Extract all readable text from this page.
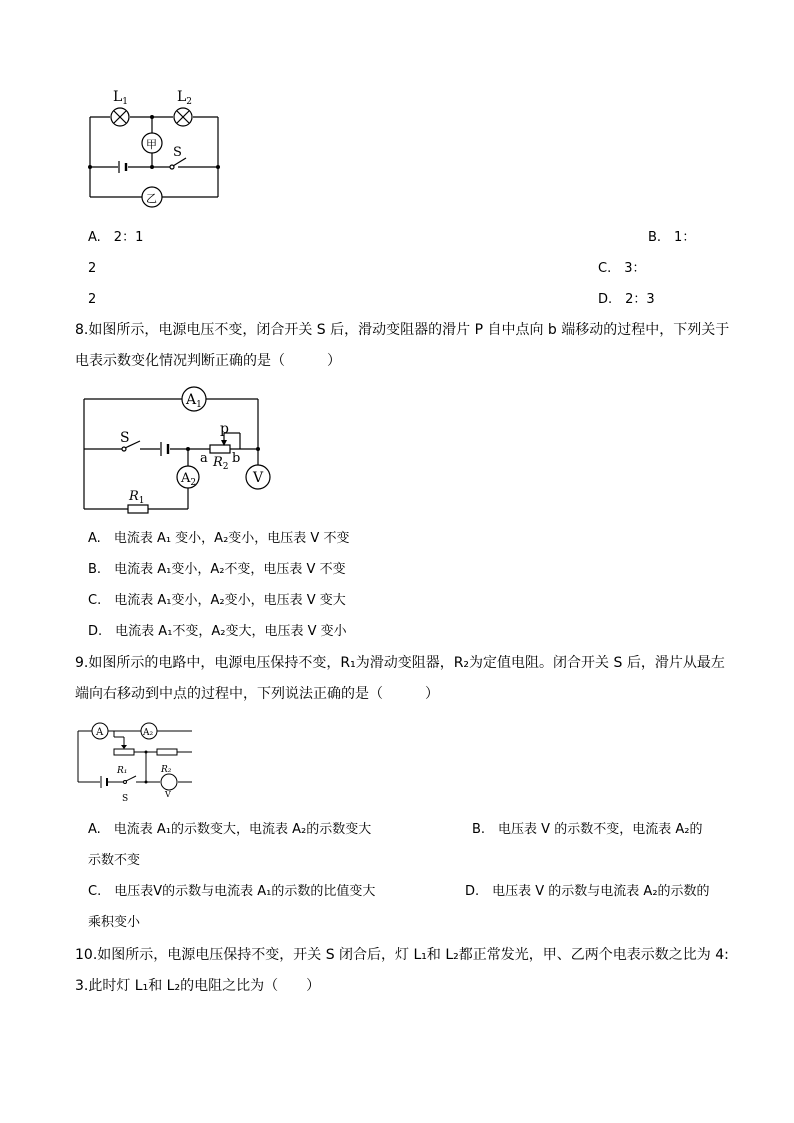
$L_1$	$L_2$
甲
乙
S
A.　2：1	B.　1：
2	C.　3：
2	D.　2：3
8.如图所示，电源电压不变，闭合开关 S 后，滑动变阻器的滑片 P 自中点向 b 端移动的过程中，下列关于
电表示数变化情况判断正确的是（　　　）
$A_1$
S
p
a b
$R_2$
$A_2$	V
$R_1$
A.　 电流表 A₁ 变小，A₂变小，电压表 V 不变
B.　 电流表 A₁变小，A₂不变，电压表 V 不变
C.　 电流表 A₁变小，A₂变小，电压表 V 变大
D.　 电流表 A₁不变，A₂变大，电压表 V 变小
9.如图所示的电路中，电源电压保持不变，R₁为滑动变阻器，R₂为定值电阻。闭合开关 S 后，滑片从最左
端向右移动到中点的过程中，下列说法正确的是（　　　）
A	A₂
R₁	R₂
S	V
A.　电流表 A₁的示数变大，电流表 A₂的示数变大	B.　电压表 V 的示数不变，电流表 A₂的
示数不变
C.　电压表V的示数与电流表 A₁的示数的比值变大	D.　电压表 V 的示数与电流表 A₂的示数的
乘积变小
10.如图所示，电源电压保持不变，开关 S 闭合后，灯 L₁和 L₂都正常发光，甲、乙两个电表示数之比为 4:
3.此时灯 L₁和 L₂的电阻之比为（　　）
